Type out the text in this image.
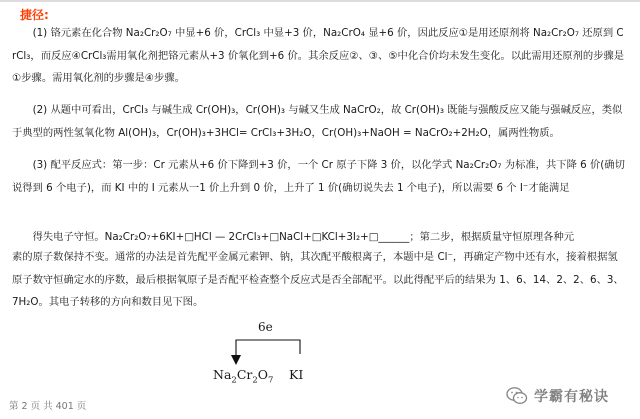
捷径:
(1) 铬元素在化合物 Na₂Cr₂O₇ 中显+6 价，CrCl₃ 中显+3 价，Na₂CrO₄ 显+6 价，因此反应①是用还原剂将 Na₂Cr₂O₇ 还原到 CrCl₃，而反应④CrCl₃需用氧化剂把铬元素从+3 价氧化到+6 价。其余反应②、③、⑤中化合价均未发生变化。以此需用还原剂的步骤是①步骤。需用氧化剂的步骤是④步骤。
(2) 从题中可看出，CrCl₃ 与碱生成 Cr(OH)₃，Cr(OH)₃ 与碱又生成 NaCrO₂，故 Cr(OH)₃ 既能与强酸反应又能与强碱反应，类似于典型的两性氢氧化物 Al(OH)₃，Cr(OH)₃+3HCl= CrCl₃+3H₂O，Cr(OH)₃+NaOH = NaCrO₂+2H₂O，属两性物质。
(3) 配平反应式：第一步：Cr 元素从+6 价下降到+3 价，一个 Cr 原子下降 3 价，以化学式 Na₂Cr₂O₇ 为标准，共下降 6 价(确切说得到 6 个电子)，而 KI 中的 I 元素从一1 价上升到 0 价，上升了 1 价(确切说失去 1 个电子)，所以需要 6 个 I⁻才能满足
得失电子守恒。Na₂Cr₂O₇+6KI+□HCl — 2CrCl₃+□NaCl+□KCl+3I₂+□______；第二步，根据质量守恒原理各种元
素的原子数保持不变。通常的办法是首先配平金属元素钾、钠，其次配平酸根离子，本题中是 Cl⁻，再确定产物中还有水，接着根据氢原子数守恒确定水的序数，最后根据氧原子是否配平检查整个反应式是否全部配平。以此得配平后的结果为 1、6、14、2、2、6、3、7H₂O。其电子转移的方向和数目见下图。
6e
$Na_2Cr_2O_7$ KI
第 2 页 共 401 页
学霸有秘诀
